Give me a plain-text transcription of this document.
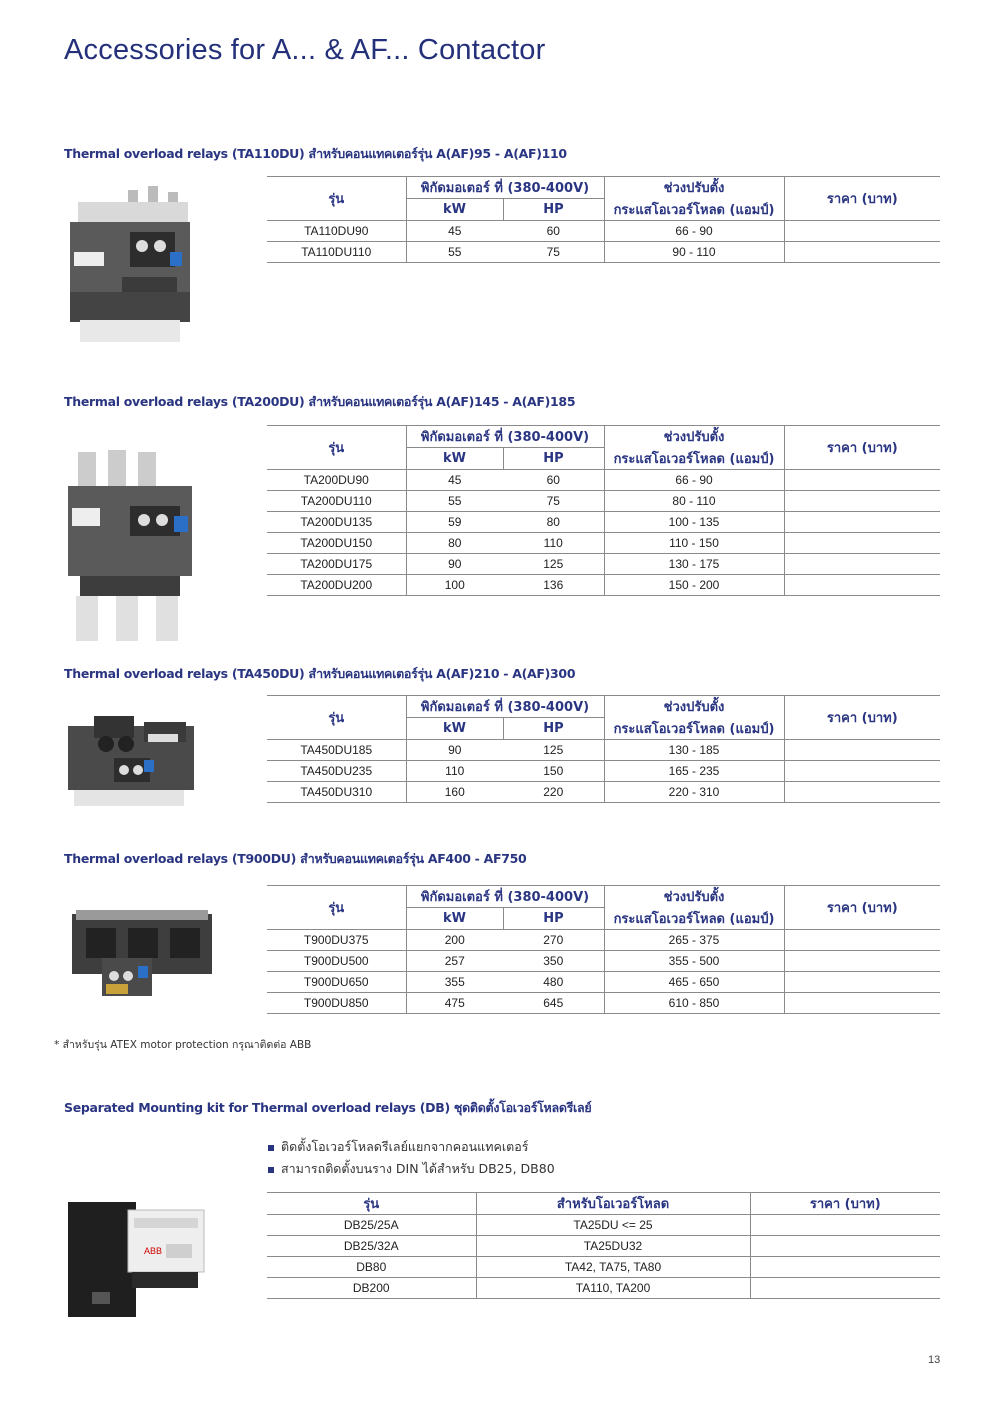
Accessories for A... & AF... Contactor
Thermal overload relays (TA110DU) สำหรับคอนแทคเตอร์รุ่น A(AF)95 - A(AF)110
รุ่น	พิกัดมอเตอร์ ที่ (380-400V)		ช่วงปรับตั้ง	ราคา (บาท)
	kW	HP	กระแสโอเวอร์โหลด (แอมป์)	
TA110DU90	45	60	66 - 90	
TA110DU110	55	75	90 - 110	
Thermal overload relays (TA200DU) สำหรับคอนแทคเตอร์รุ่น A(AF)145 - A(AF)185
รุ่น	พิกัดมอเตอร์ ที่ (380-400V)		ช่วงปรับตั้ง	ราคา (บาท)
	kW	HP	กระแสโอเวอร์โหลด (แอมป์)	
TA200DU90	45	60	66 - 90	
TA200DU110	55	75	80 - 110	
TA200DU135	59	80	100 - 135	
TA200DU150	80	110	110 - 150	
TA200DU175	90	125	130 - 175	
TA200DU200	100	136	150 - 200	
Thermal overload relays (TA450DU) สำหรับคอนแทคเตอร์รุ่น A(AF)210 - A(AF)300
รุ่น	พิกัดมอเตอร์ ที่ (380-400V)		ช่วงปรับตั้ง	ราคา (บาท)
	kW	HP	กระแสโอเวอร์โหลด (แอมป์)	
TA450DU185	90	125	130 - 185	
TA450DU235	110	150	165 - 235	
TA450DU310	160	220	220 - 310	
Thermal overload relays (T900DU) สำหรับคอนแทคเตอร์รุ่น AF400 - AF750
รุ่น	พิกัดมอเตอร์ ที่ (380-400V)		ช่วงปรับตั้ง	ราคา (บาท)
	kW	HP	กระแสโอเวอร์โหลด (แอมป์)	
T900DU375	200	270	265 - 375	
T900DU500	257	350	355 - 500	
T900DU650	355	480	465 - 650	
T900DU850	475	645	610 - 850	
* สำหรับรุ่น ATEX motor protection กรุณาติดต่อ ABB
Separated Mounting kit for Thermal overload relays (DB) ชุดติดตั้งโอเวอร์โหลดรีเลย์
ติดตั้งโอเวอร์โหลดรีเลย์แยกจากคอนแทคเตอร์
สามารถติดตั้งบนราง DIN ได้สำหรับ DB25, DB80
ABB
รุ่น	สำหรับโอเวอร์โหลด	ราคา (บาท)
DB25/25A	TA25DU <= 25	
DB25/32A	TA25DU32	
DB80	TA42, TA75, TA80	
DB200	TA110, TA200	
13
